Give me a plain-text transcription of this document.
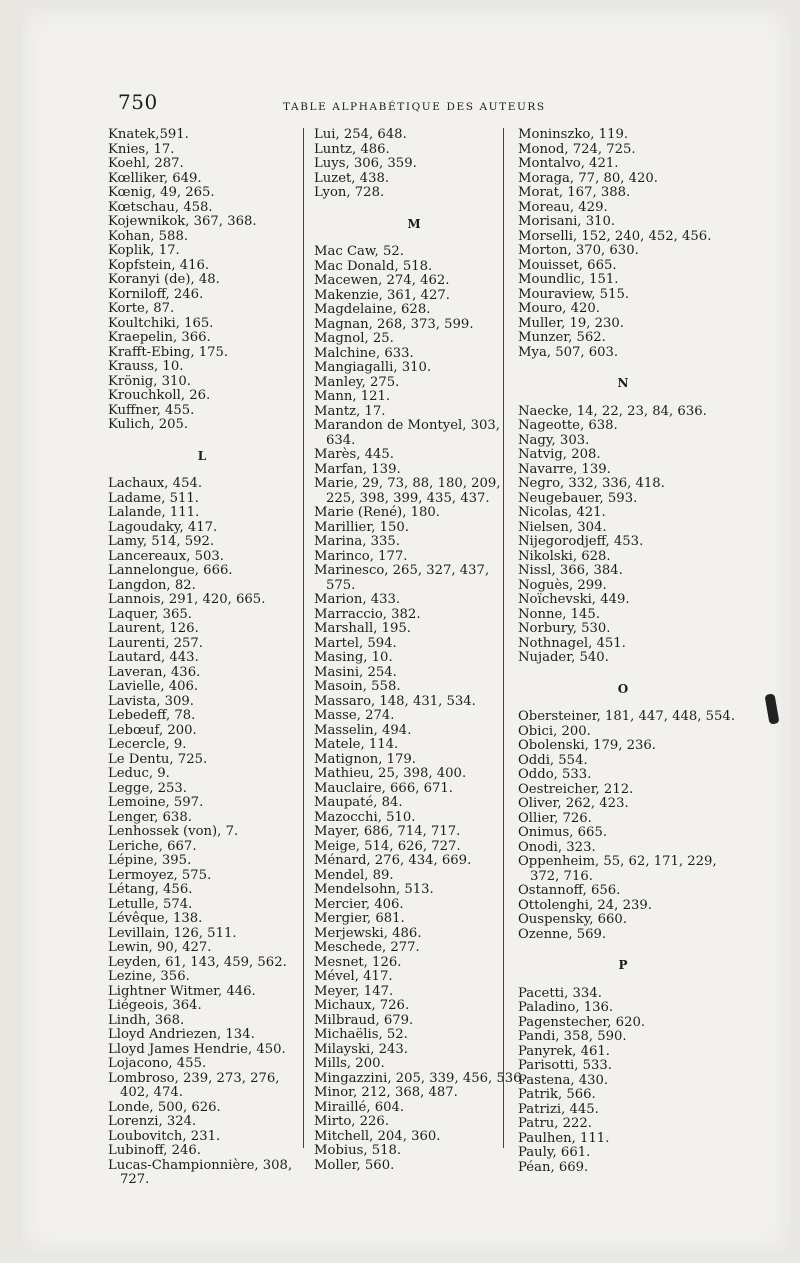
750	TABLE ALPHABÉTIQUE DES AUTEURS
Knatek,591.
Knies, 17.
Koehl, 287.
Kœlliker, 649.
Kœnig, 49, 265.
Kœtschau, 458.
Kojewnikok, 367, 368.
Kohan, 588.
Koplik, 17.
Kopfstein, 416.
Koranyi (de), 48.
Korniloff, 246.
Korte, 87.
Koultchiki, 165.
Kraepelin, 366.
Krafft-Ebing, 175.
Krauss, 10.
Krönig, 310.
Krouchkoll, 26.
Kuffner, 455.
Kulich, 205.
L
Lachaux, 454.
Ladame, 511.
Lalande, 111.
Lagoudaky, 417.
Lamy, 514, 592.
Lancereaux, 503.
Lannelongue, 666.
Langdon, 82.
Lannois, 291, 420, 665.
Laquer, 365.
Laurent, 126.
Laurenti, 257.
Lautard, 443.
Laveran, 436.
Lavielle, 406.
Lavista, 309.
Lebedeff, 78.
Lebœuf, 200.
Lecercle, 9.
Le Dentu, 725.
Leduc, 9.
Legge, 253.
Lemoine, 597.
Lenger, 638.
Lenhossek (von), 7.
Leriche, 667.
Lépine, 395.
Lermoyez, 575.
Létang, 456.
Letulle, 574.
Lévêque, 138.
Levillain, 126, 511.
Lewin, 90, 427.
Leyden, 61, 143, 459, 562.
Lezine, 356.
Lightner Witmer, 446.
Liégeois, 364.
Lindh, 368.
Lloyd Andriezen, 134.
Lloyd James Hendrie, 450.
Lojacono, 455.
Lombroso, 239, 273, 276,
402, 474.
Londe, 500, 626.
Lorenzi, 324.
Loubovitch, 231.
Lubinoff, 246.
Lucas-Championnière, 308,
727.
Lui, 254, 648.
Luntz, 486.
Luys, 306, 359.
Luzet, 438.
Lyon, 728.
M
Mac Caw, 52.
Mac Donald, 518.
Macewen, 274, 462.
Makenzie, 361, 427.
Magdelaine, 628.
Magnan, 268, 373, 599.
Magnol, 25.
Malchine, 633.
Mangiagalli, 310.
Manley, 275.
Mann, 121.
Mantz, 17.
Marandon de Montyel, 303,
634.
Marès, 445.
Marfan, 139.
Marie, 29, 73, 88, 180, 209,
225, 398, 399, 435, 437.
Marie (René), 180.
Marillier, 150.
Marina, 335.
Marinco, 177.
Marinesco, 265, 327, 437,
575.
Marion, 433.
Marraccio, 382.
Marshall, 195.
Martel, 594.
Masing, 10.
Masini, 254.
Masoin, 558.
Massaro, 148, 431, 534.
Masse, 274.
Masselin, 494.
Matele, 114.
Matignon, 179.
Mathieu, 25, 398, 400.
Mauclaire, 666, 671.
Maupaté, 84.
Mazocchi, 510.
Mayer, 686, 714, 717.
Meige, 514, 626, 727.
Ménard, 276, 434, 669.
Mendel, 89.
Mendelsohn, 513.
Mercier, 406.
Mergier, 681.
Merjewski, 486.
Meschede, 277.
Mesnet, 126.
Mével, 417.
Meyer, 147.
Michaux, 726.
Milbraud, 679.
Michaëlis, 52.
Milayski, 243.
Mills, 200.
Mingazzini, 205, 339, 456, 536.
Minor, 212, 368, 487.
Miraillé, 604.
Mirto, 226.
Mitchell, 204, 360.
Mobius, 518.
Moller, 560.
Moninszko, 119.
Monod, 724, 725.
Montalvo, 421.
Moraga, 77, 80, 420.
Morat, 167, 388.
Moreau, 429.
Morisani, 310.
Morselli, 152, 240, 452, 456.
Morton, 370, 630.
Mouisset, 665.
Moundlic, 151.
Mouraview, 515.
Mouro, 420.
Muller, 19, 230.
Munzer, 562.
Mya, 507, 603.
N
Naecke, 14, 22, 23, 84, 636.
Nageotte, 638.
Nagy, 303.
Natvig, 208.
Navarre, 139.
Negro, 332, 336, 418.
Neugebauer, 593.
Nicolas, 421.
Nielsen, 304.
Nijegorodjeff, 453.
Nikolski, 628.
Nissl, 366, 384.
Noguès, 299.
Noïchevski, 449.
Nonne, 145.
Norbury, 530.
Nothnagel, 451.
Nujader, 540.
O
Obersteiner, 181, 447, 448, 554.
Obici, 200.
Obolenski, 179, 236.
Oddi, 554.
Oddo, 533.
Oestreicher, 212.
Oliver, 262, 423.
Ollier, 726.
Onimus, 665.
Onodi, 323.
Oppenheim, 55, 62, 171, 229,
372, 716.
Ostannoff, 656.
Ottolenghi, 24, 239.
Ouspensky, 660.
Ozenne, 569.
P
Pacetti, 334.
Paladino, 136.
Pagenstecher, 620.
Pandi, 358, 590.
Panyrek, 461.
Parisotti, 533.
Pastena, 430.
Patrik, 566.
Patrizi, 445.
Patru, 222.
Paulhen, 111.
Pauly, 661.
Péan, 669.
